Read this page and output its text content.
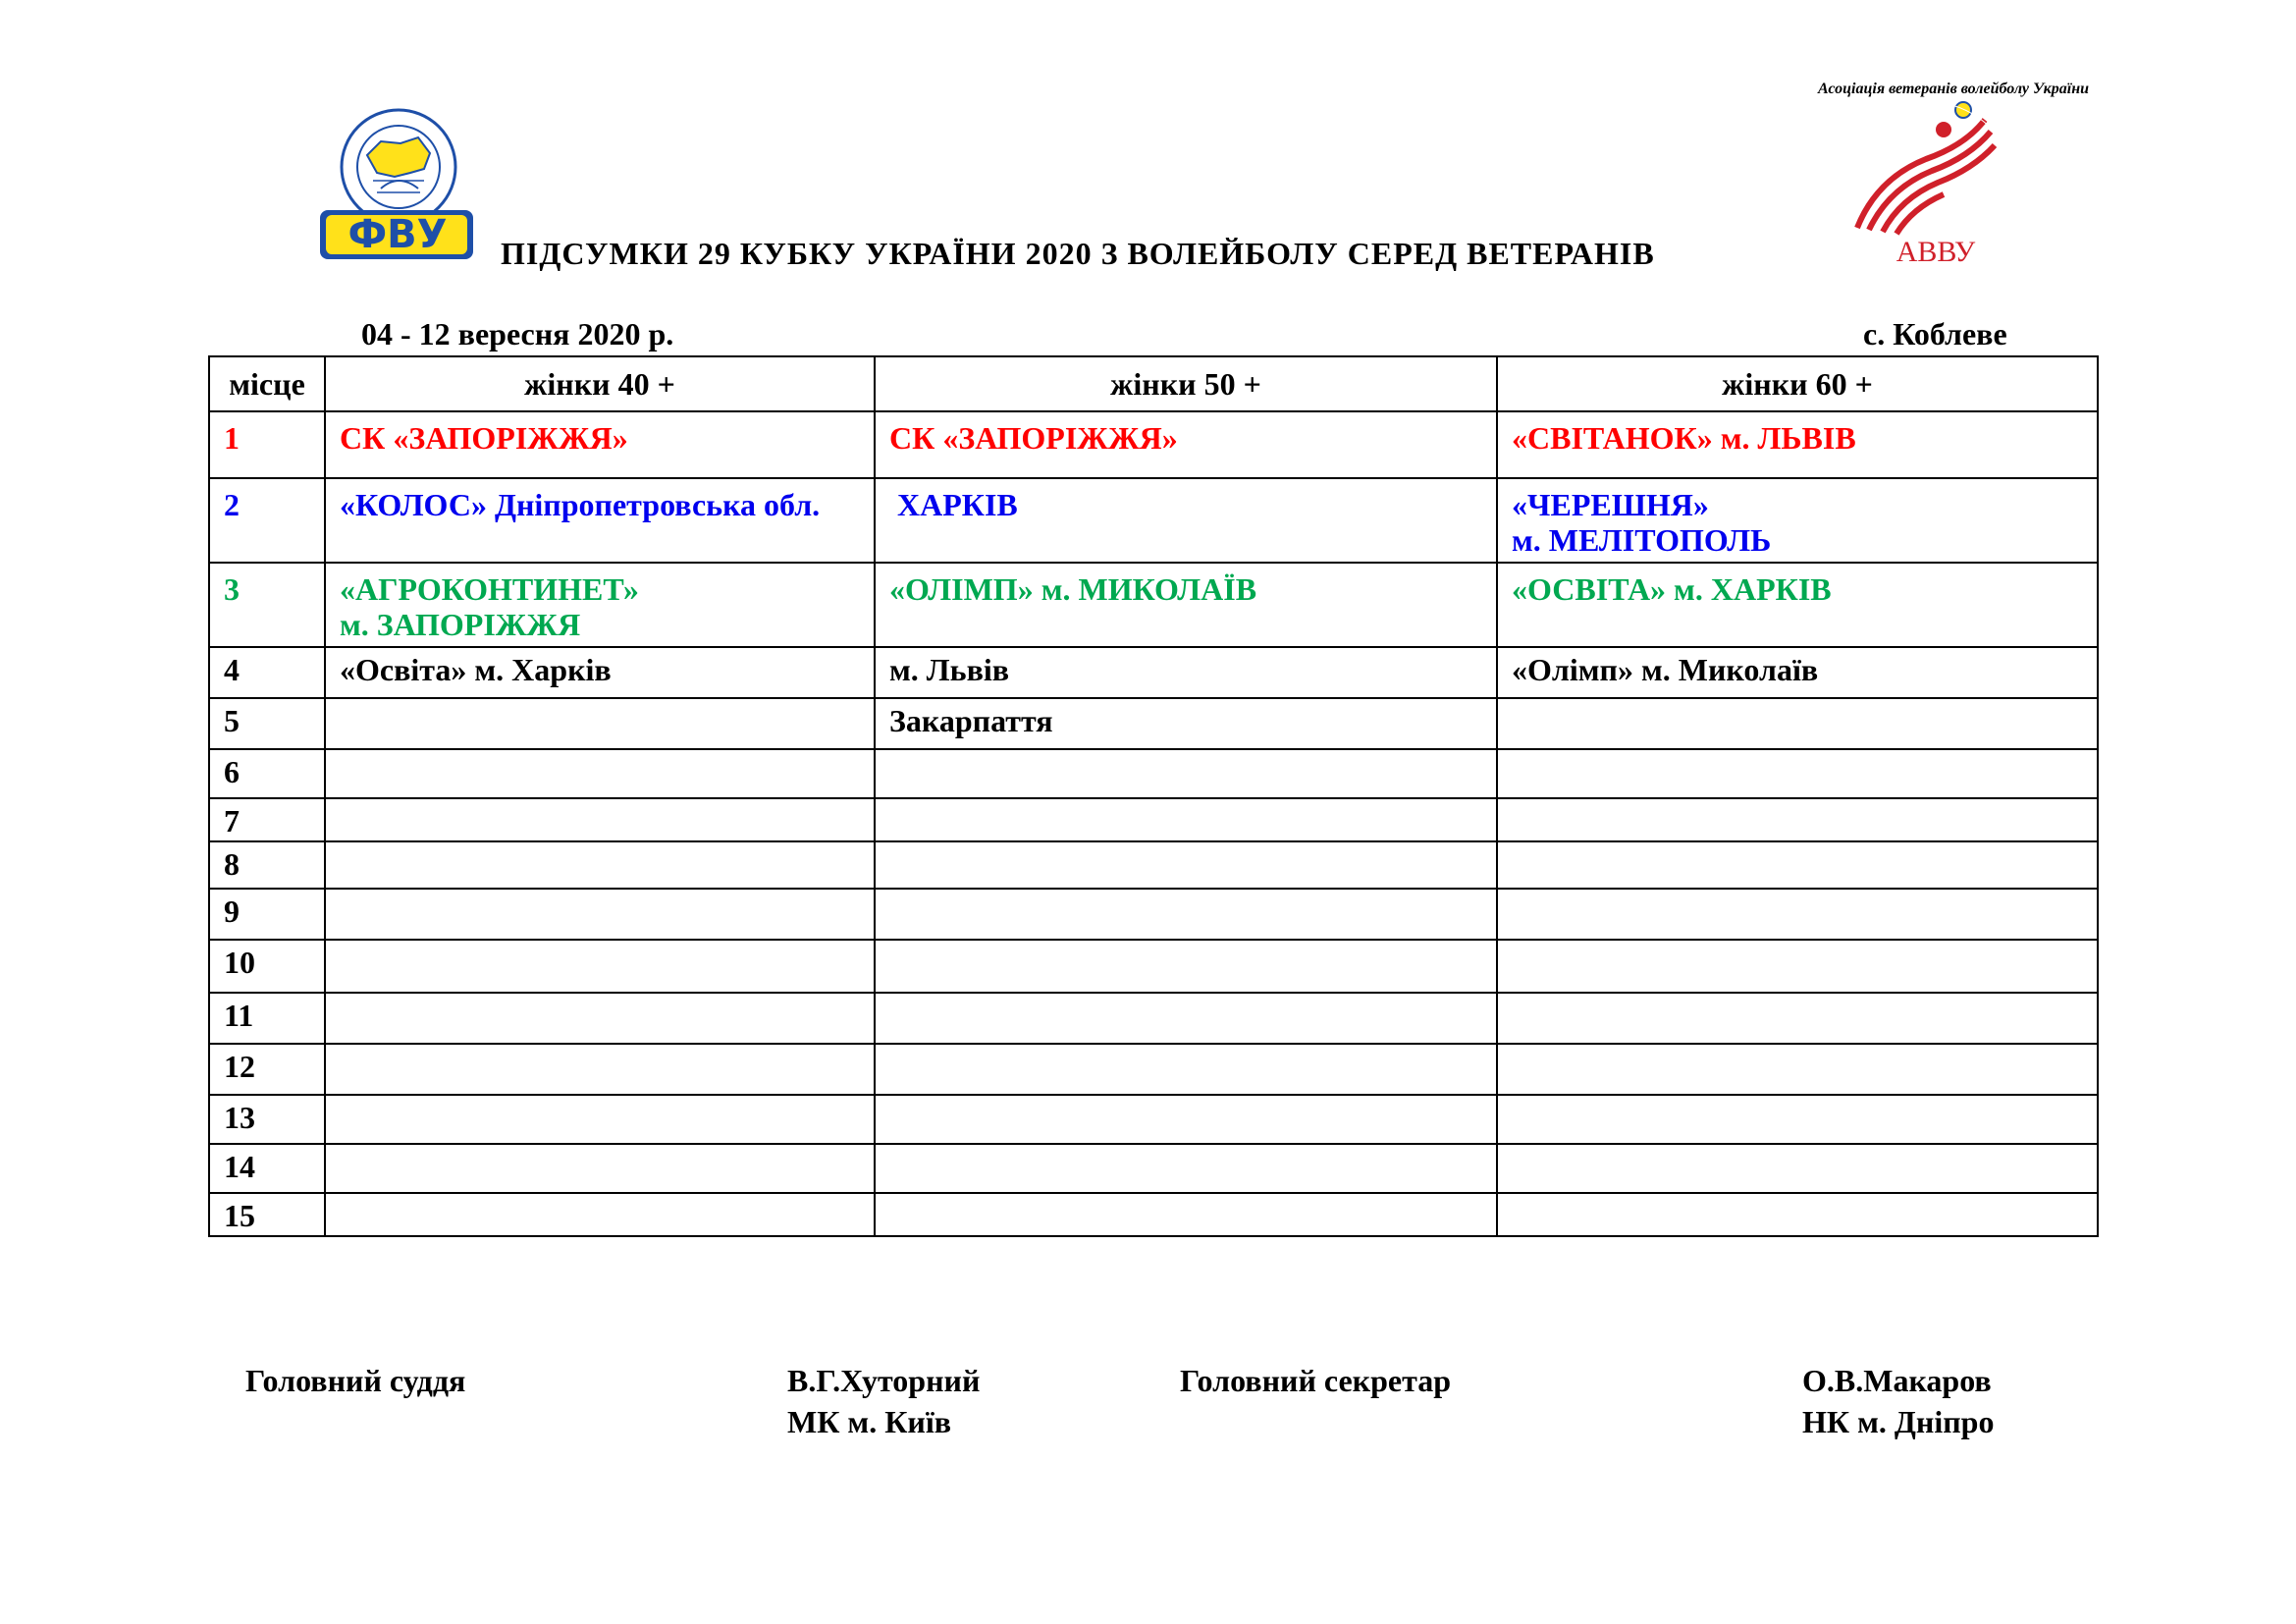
ФВУ	ПІДСУМКИ 29 КУБКУ УКРАЇНИ 2020 З ВОЛЕЙБОЛУ СЕРЕД ВЕТЕРАНІВ
Асоціація ветеранів волейболу України
АВВУ
04 - 12 вересня 2020 р.	с. Коблеве
місце	жінки 40 +	жінки 50 +	жінки 60 +
1	СК «ЗАПОРІЖЖЯ»	СК «ЗАПОРІЖЖЯ»	«СВІТАНОК» м. ЛЬВІВ
2	«КОЛОС» Дніпропетровська обл.	ХАРКІВ	«ЧЕРЕШНЯ»
м. МЕЛІТОПОЛЬ
3	«АГРОКОНТИНЕТ»
м. ЗАПОРІЖЖЯ	«ОЛІМП» м. МИКОЛАЇВ	«ОСВІТА» м. ХАРКІВ
4	«Освіта» м. Харків	м. Львів	«Олімп» м. Миколаїв
5		Закарпаття	
6			
7			
8			
9			
10			
11			
12			
13			
14			
15			
Головний суддя	В.Г.Хуторний
МК м. Київ
Головний секретар	О.В.Макаров
НК м. Дніпро
